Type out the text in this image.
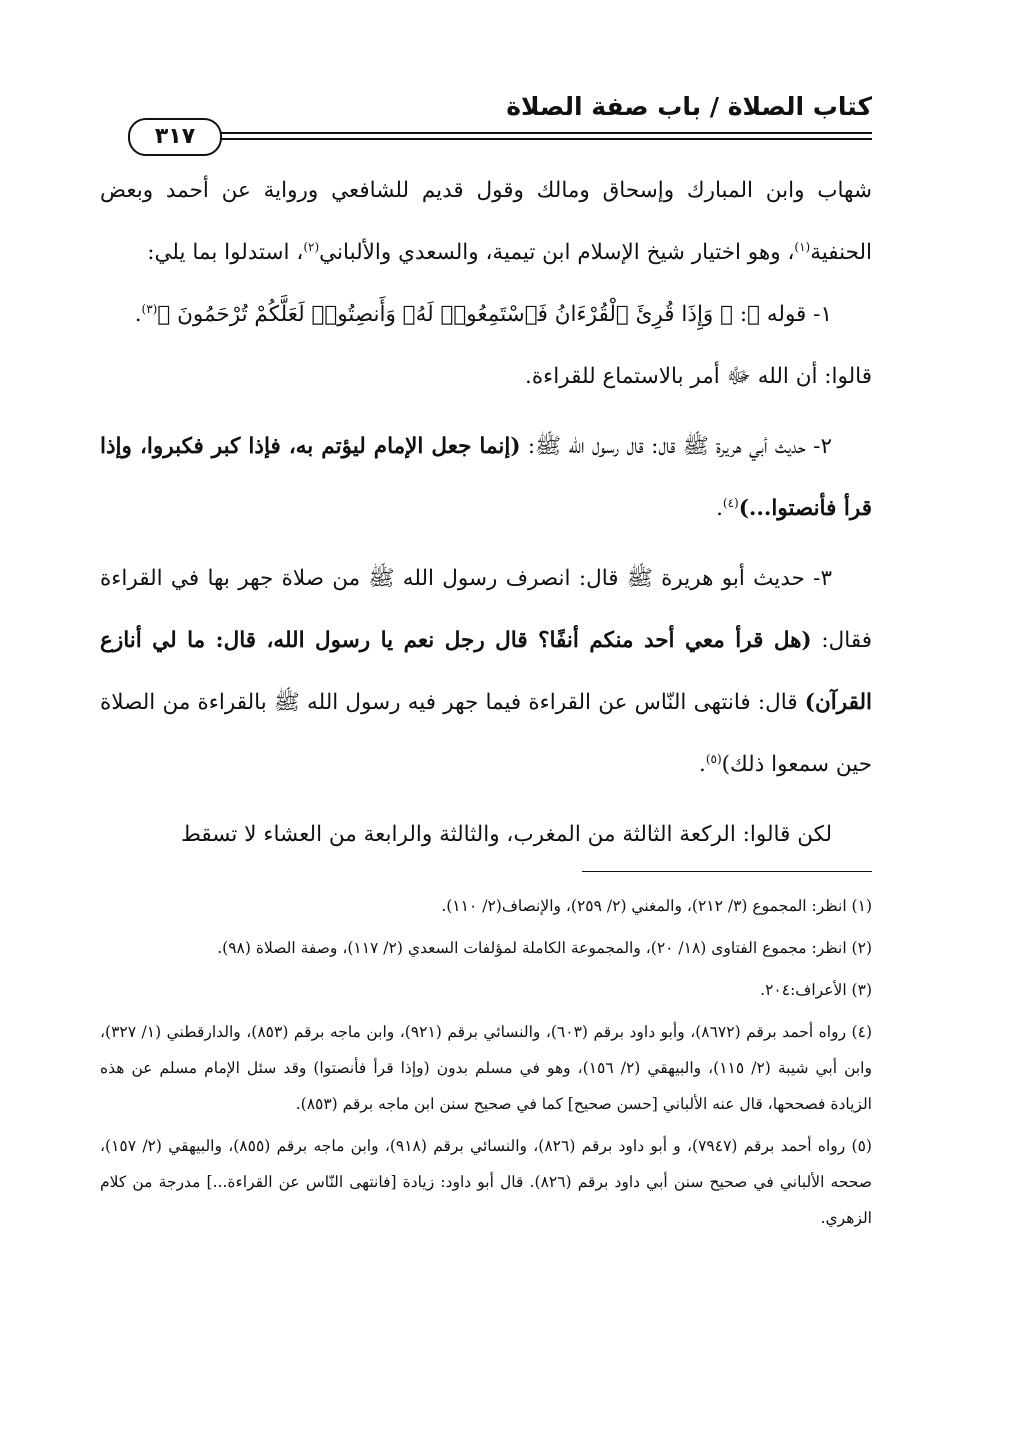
كتاب الصلاة / باب صفة الصلاة
٣١٧

شهاب وابن المبارك وإسحاق ومالك وقول قديم للشافعي ورواية عن أحمد وبعض الحنفية$^{(١)}$، وهو اختيار شيخ الإسلام ابن تيمية، والسعدي والألباني$^{(٢)}$، استدلوا بما يلي:

١- قوله ﷻ: ﴿ وَإِذَا قُرِئَ ٱلْقُرْءَانُ فَٱسْتَمِعُوا۟ لَهُۥ وَأَنصِتُوا۟ لَعَلَّكُمْ تُرْحَمُونَ ﴾$^{(٣)}$.

قالوا: أن الله ﷻ أمر بالاستماع للقراءة.

٢- حديث أبي هريرة ﷺ قال: قال رسول الله ﷺ: (إنما جعل الإمام ليؤتم به، فإذا كبر فكبروا، وإذا قرأ فأنصتوا...)$^{(٤)}$.

٣- حديث أبو هريرة ﷺ قال: انصرف رسول الله ﷺ من صلاة جهر بها في القراءة فقال: (هل قرأ معي أحد منكم أنفًا؟ قال رجل نعم يا رسول الله، قال: ما لي أنازع القرآن) قال: فانتهى النّاس عن القراءة فيما جهر فيه رسول الله ﷺ بالقراءة من الصلاة حين سمعوا ذلك)$^{(٥)}$.

لكن قالوا: الركعة الثالثة من المغرب، والثالثة والرابعة من العشاء لا تسقط

(١) انظر: المجموع (٣/ ٢١٢)، والمغني (٢/ ٢٥٩)، والإنصاف(٢/ ١١٠).

(٢) انظر: مجموع الفتاوى (١٨/ ٢٠)، والمجموعة الكاملة لمؤلفات السعدي (٢/ ١١٧)، وصفة الصلاة (٩٨).

(٣) الأعراف:٢٠٤.

(٤) رواه أحمد برقم (٨٦٧٢)، وأبو داود برقم (٦٠٣)، والنسائي برقم (٩٢١)، وابن ماجه برقم (٨٥٣)، والدارقطني (١/ ٣٢٧)، وابن أبي شيبة (٢/ ١١٥)، والبيهقي (٢/ ١٥٦)، وهو في مسلم بدون (وإذا قرأ فأنصتوا) وقد سئل الإمام مسلم عن هذه الزيادة فصححها، قال عنه الألباني [حسن صحيح] كما في صحيح سنن ابن ماجه برقم (٨٥٣).

(٥) رواه أحمد برقم (٧٩٤٧)، و أبو داود برقم (٨٢٦)، والنسائي برقم (٩١٨)، وابن ماجه برقم (٨٥٥)، والبيهقي (٢/ ١٥٧)، صححه الألباني في صحيح سنن أبي داود برقم (٨٢٦). قال أبو داود: زيادة [فانتهى النّاس عن القراءة...] مدرجة من كلام الزهري.
